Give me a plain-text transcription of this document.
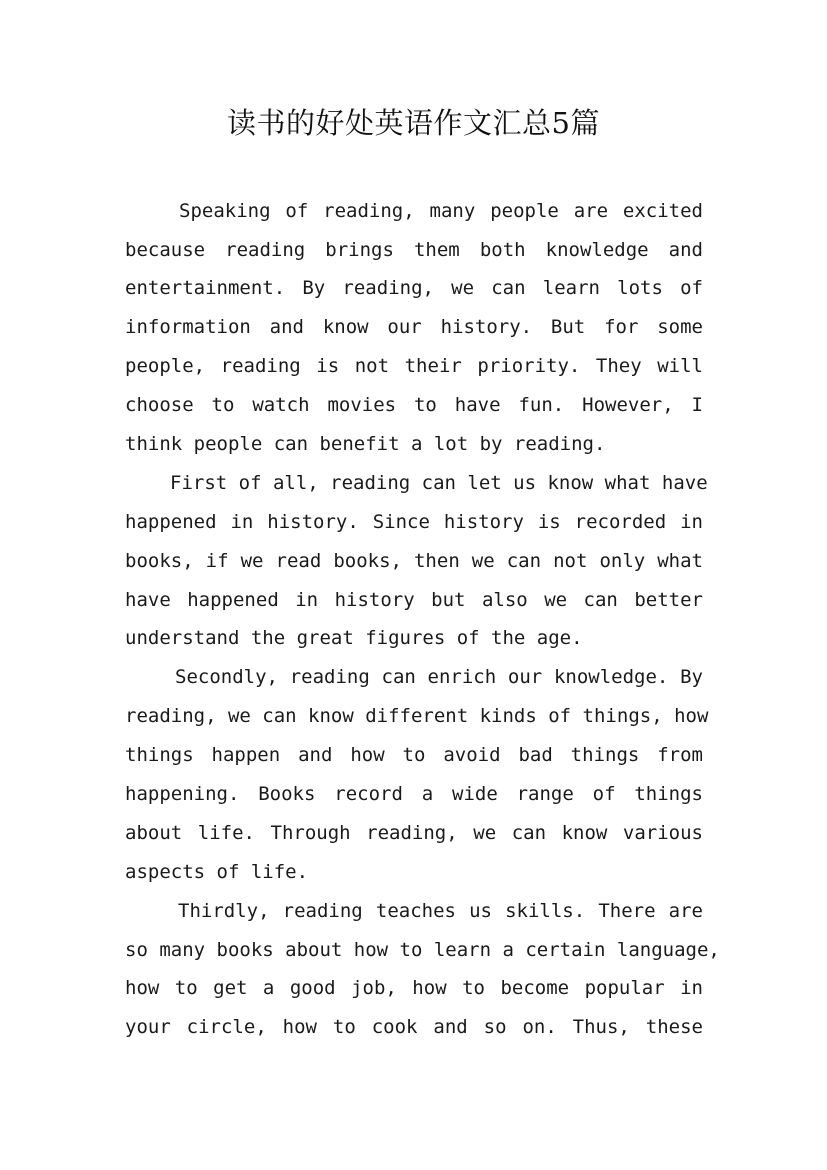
读书的好处英语作文汇总5篇
Speaking of reading, many people are excited
because reading brings them both knowledge and
entertainment. By reading, we can learn lots of
information and know our history. But for some
people, reading is not their priority. They will
choose to watch movies to have fun. However, I
think people can benefit a lot by reading.
First of all, reading can let us know what have
happened in history. Since history is recorded in
books, if we read books, then we can not only what
have happened in history but also we can better
understand the great figures of the age.
Secondly, reading can enrich our knowledge. By
reading, we can know different kinds of things, how
things happen and how to avoid bad things from
happening. Books record a wide range of things
about life. Through reading, we can know various
aspects of life.
Thirdly, reading teaches us skills. There are
so many books about how to learn a certain language,
how to get a good job, how to become popular in
your circle, how to cook and so on. Thus, these
